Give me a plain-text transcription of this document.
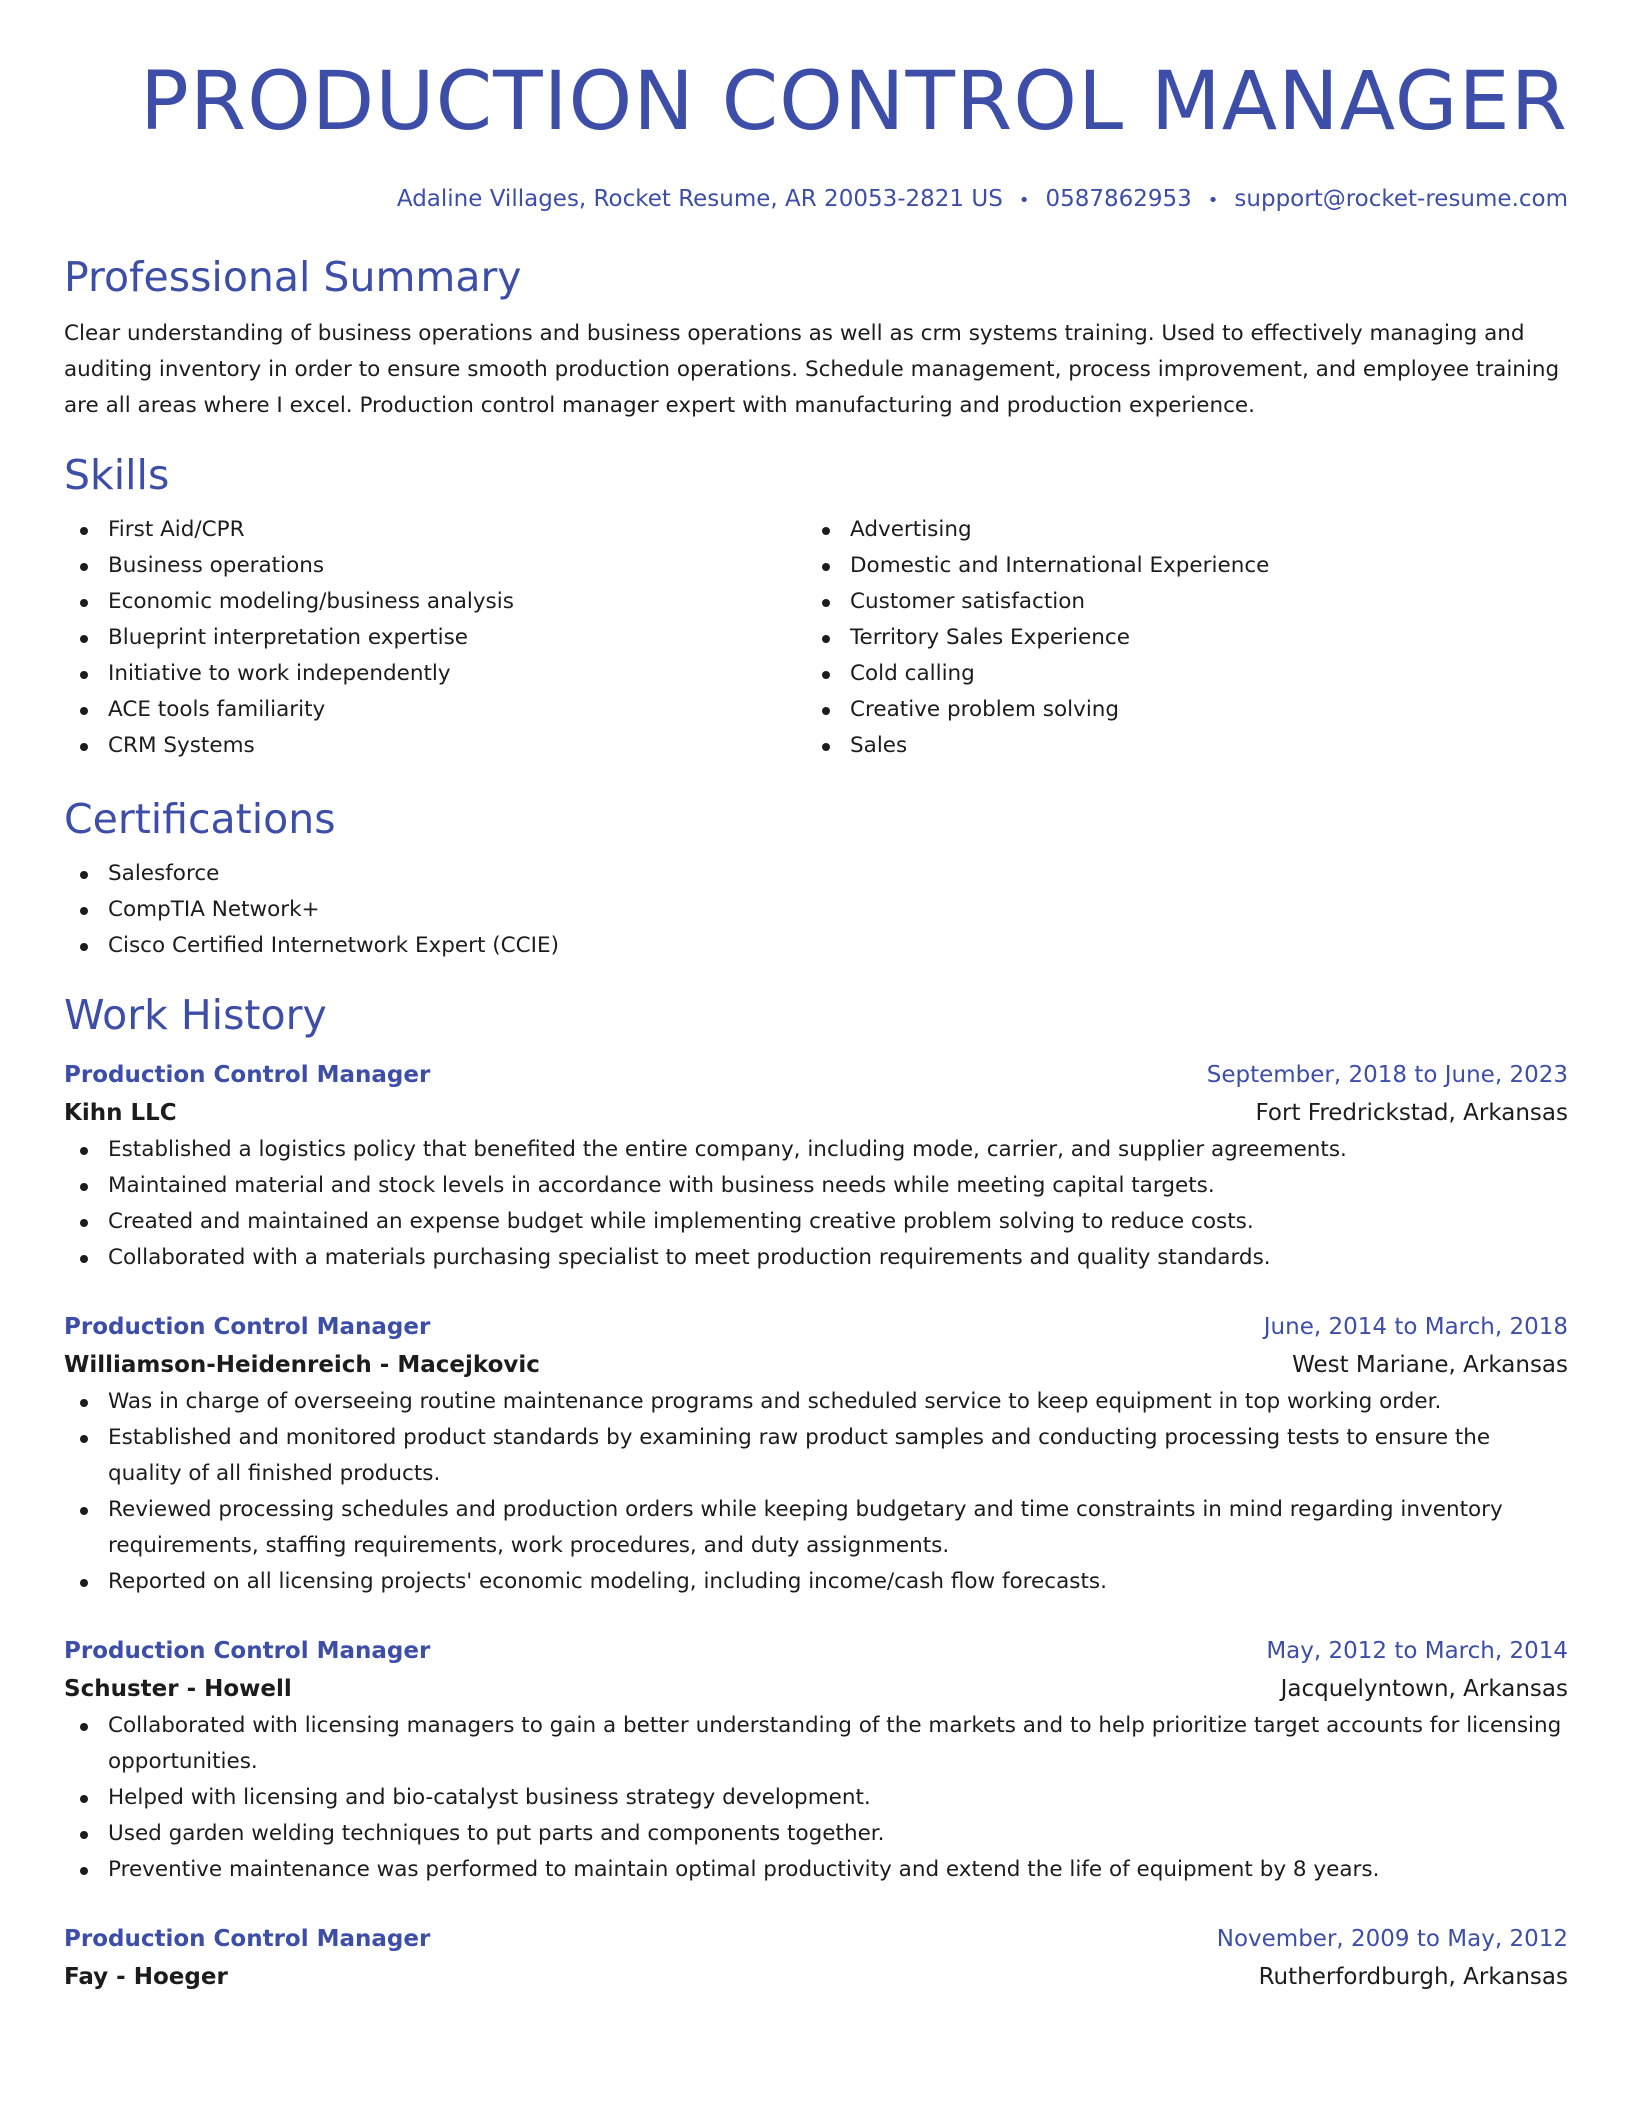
PRODUCTION CONTROL MANAGER
Adaline Villages, Rocket Resume, AR 20053-2821 US • 0587862953 • support@rocket-resume.com
Professional Summary

Clear understanding of business operations and business operations as well as crm systems training. Used to effectively managing and auditing inventory in order to ensure smooth production operations. Schedule management, process improvement, and employee training are all areas where I excel. Production control manager expert with manufacturing and production experience.

Skills
First Aid/CPR
Business operations
Economic modeling/business analysis
Blueprint interpretation expertise
Initiative to work independently
ACE tools familiarity
CRM Systems
Advertising
Domestic and International Experience
Customer satisfaction
Territory Sales Experience
Cold calling
Creative problem solving
Sales
Certifications
Salesforce
CompTIA Network+
Cisco Certified Internetwork Expert (CCIE)
Work History
Production Control Manager	September, 2018 to June, 2023
Kihn LLC	Fort Fredrickstad, Arkansas
Established a logistics policy that benefited the entire company, including mode, carrier, and supplier agreements.
Maintained material and stock levels in accordance with business needs while meeting capital targets.
Created and maintained an expense budget while implementing creative problem solving to reduce costs.
Collaborated with a materials purchasing specialist to meet production requirements and quality standards.
Production Control Manager	June, 2014 to March, 2018
Williamson-Heidenreich - Macejkovic	West Mariane, Arkansas
Was in charge of overseeing routine maintenance programs and scheduled service to keep equipment in top working order.
Established and monitored product standards by examining raw product samples and conducting processing tests to ensure the quality of all finished products.
Reviewed processing schedules and production orders while keeping budgetary and time constraints in mind regarding inventory requirements, staffing requirements, work procedures, and duty assignments.
Reported on all licensing projects' economic modeling, including income/cash flow forecasts.
Production Control Manager	May, 2012 to March, 2014
Schuster - Howell	Jacquelyntown, Arkansas
Collaborated with licensing managers to gain a better understanding of the markets and to help prioritize target accounts for licensing opportunities.
Helped with licensing and bio-catalyst business strategy development.
Used garden welding techniques to put parts and components together.
Preventive maintenance was performed to maintain optimal productivity and extend the life of equipment by 8 years.
Production Control Manager	November, 2009 to May, 2012
Fay - Hoeger	Rutherfordburgh, Arkansas
